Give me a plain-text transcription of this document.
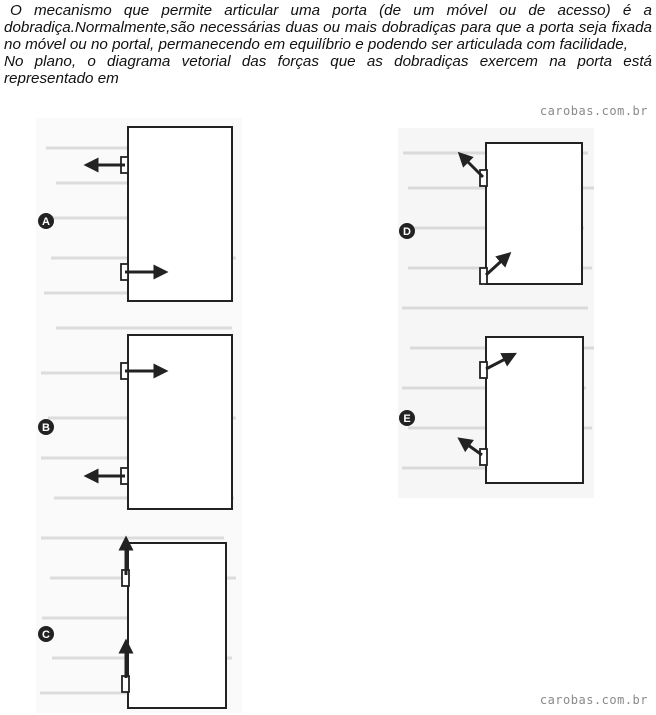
O mecanismo que permite articular uma porta (de um móvel ou de acesso) é a dobradiça.Normalmente,são necessárias duas ou mais dobradiças para que a porta seja fixada no móvel ou no portal, permanecendo em equilíbrio e podendo ser articulada com facilidade,

No plano, o diagrama vetorial das forças que as dobradiças exercem na porta está representado em

carobas.com.br
A
B
C
D
E
carobas.com.br
